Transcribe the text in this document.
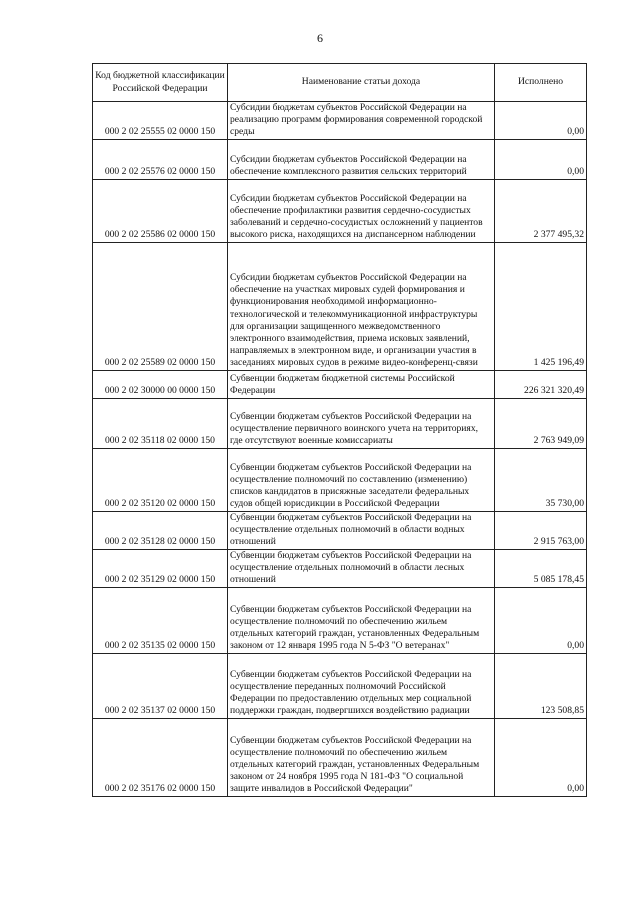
6
Код бюджетной классификации Российской Федерации	Наименование статьи дохода	Исполнено
000 2 02 25555 02 0000 150	Субсидии бюджетам субъектов Российской Федерации на реализацию программ формирования современной городской среды	0,00
000 2 02 25576 02 0000 150	Субсидии бюджетам субъектов Российской Федерации на обеспечение комплексного развития сельских территорий	0,00
000 2 02 25586 02 0000 150	Субсидии бюджетам субъектов Российской Федерации на обеспечение профилактики развития сердечно-сосудистых заболеваний и сердечно-сосудистых осложнений у пациентов высокого риска, находящихся на диспансерном наблюдении	2 377 495,32
000 2 02 25589 02 0000 150	Субсидии бюджетам субъектов Российской Федерации на обеспечение на участках мировых судей формирования и функционирования необходимой информационно-технологической и телекоммуникационной инфраструктуры для организации защищенного межведомственного электронного взаимодействия, приема исковых заявлений, направляемых в электронном виде, и организации участия в заседаниях мировых судов в режиме видео-конференц-связи	1 425 196,49
000 2 02 30000 00 0000 150	Субвенции бюджетам бюджетной системы Российской Федерации	226 321 320,49
000 2 02 35118 02 0000 150	Субвенции бюджетам субъектов Российской Федерации на осуществление первичного воинского учета на территориях, где отсутствуют военные комиссариаты	2 763 949,09
000 2 02 35120 02 0000 150	Субвенции бюджетам субъектов Российской Федерации на осуществление полномочий по составлению (изменению) списков кандидатов в присяжные заседатели федеральных судов общей юрисдикции в Российской Федерации	35 730,00
000 2 02 35128 02 0000 150	Субвенции бюджетам субъектов Российской Федерации на осуществление отдельных полномочий в области водных отношений	2 915 763,00
000 2 02 35129 02 0000 150	Субвенции бюджетам субъектов Российской Федерации на осуществление отдельных полномочий в области лесных отношений	5 085 178,45
000 2 02 35135 02 0000 150	Субвенции бюджетам субъектов Российской Федерации на осуществление полномочий по обеспечению жильем отдельных категорий граждан, установленных Федеральным законом от 12 января 1995 года N 5-ФЗ "О ветеранах"	0,00
000 2 02 35137 02 0000 150	Субвенции бюджетам субъектов Российской Федерации на осуществление переданных полномочий Российской Федерации по предоставлению отдельных мер социальной поддержки граждан, подвергшихся воздействию радиации	123 508,85
000 2 02 35176 02 0000 150	Субвенции бюджетам субъектов Российской Федерации на осуществление полномочий по обеспечению жильем отдельных категорий граждан, установленных Федеральным законом от 24 ноября 1995 года N 181-ФЗ "О социальной защите инвалидов в Российской Федерации"	0,00
